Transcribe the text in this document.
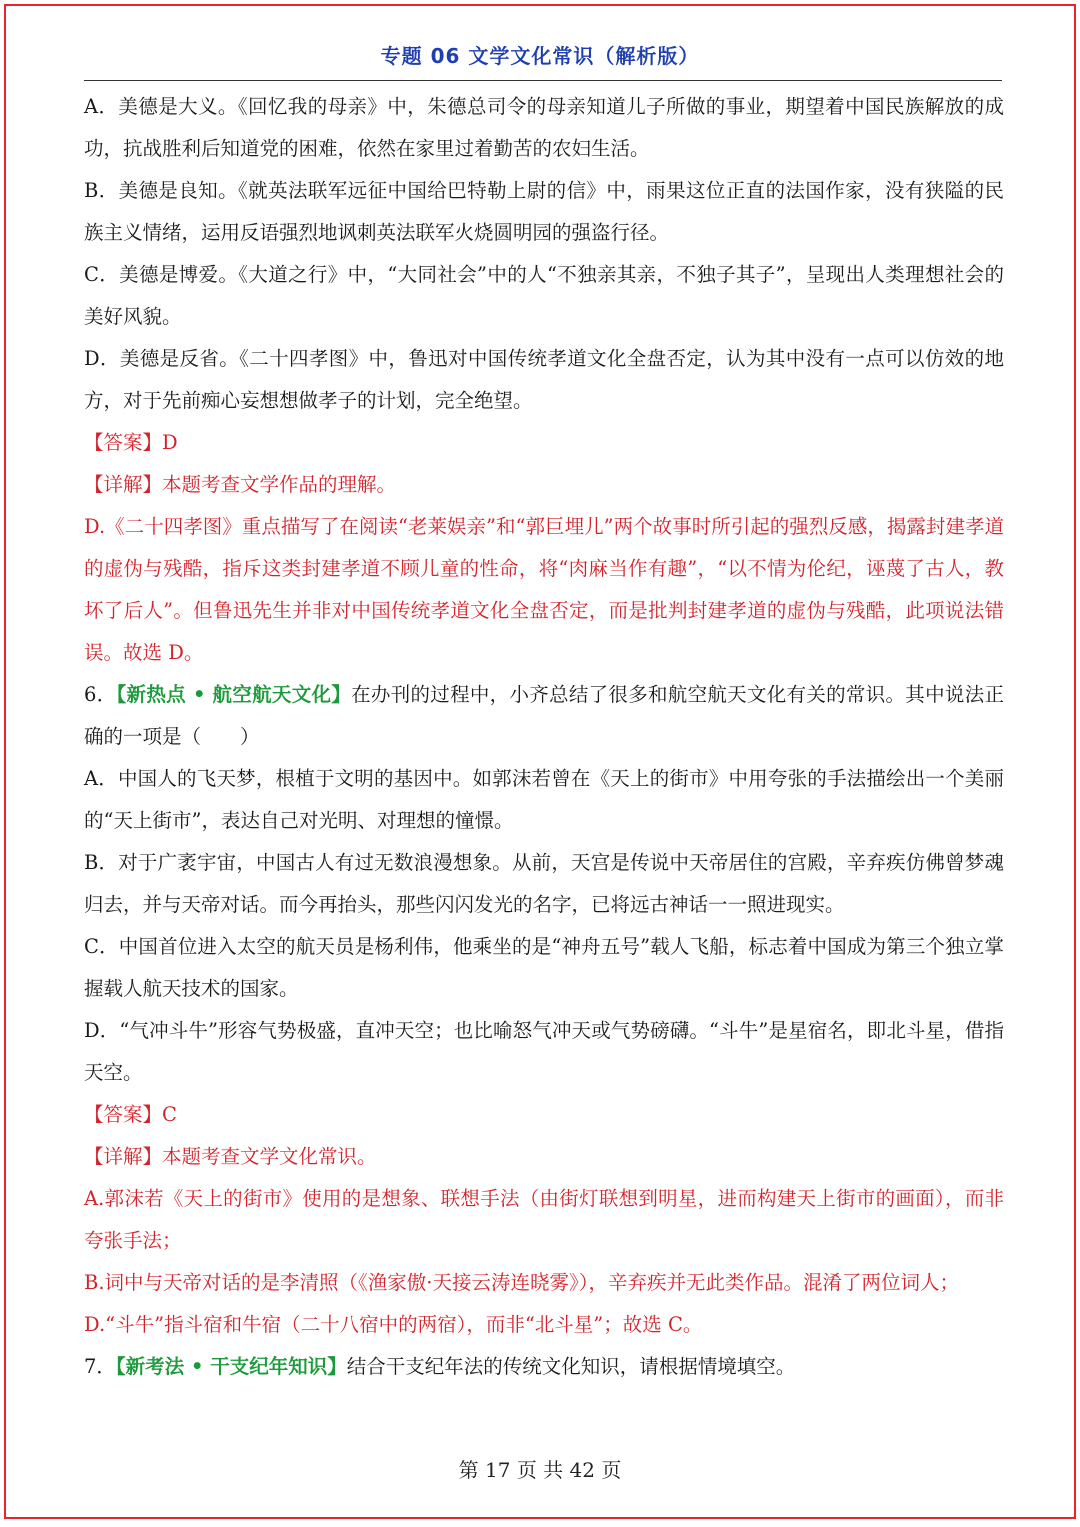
专题 06 文学文化常识（解析版）

A．美德是大义。《回忆我的母亲》中，朱德总司令的母亲知道儿子所做的事业，期望着中国民族解放的成功，抗战胜利后知道党的困难，依然在家里过着勤苦的农妇生活。

B．美德是良知。《就英法联军远征中国给巴特勒上尉的信》中，雨果这位正直的法国作家，没有狭隘的民族主义情绪，运用反语强烈地讽刺英法联军火烧圆明园的强盗行径。

C．美德是博爱。《大道之行》中，“大同社会”中的人“不独亲其亲，不独子其子”，呈现出人类理想社会的美好风貌。

D．美德是反省。《二十四孝图》中，鲁迅对中国传统孝道文化全盘否定，认为其中没有一点可以仿效的地方，对于先前痴心妄想想做孝子的计划，完全绝望。

【答案】D

【详解】本题考查文学作品的理解。

D.《二十四孝图》重点描写了在阅读“老莱娱亲”和“郭巨埋儿”两个故事时所引起的强烈反感，揭露封建孝道的虚伪与残酷，指斥这类封建孝道不顾儿童的性命，将“肉麻当作有趣”，“以不情为伦纪，诬蔑了古人，教坏了后人”。但鲁迅先生并非对中国传统孝道文化全盘否定，而是批判封建孝道的虚伪与残酷，此项说法错误。故选 D。

6．【新热点 • 航空航天文化】在办刊的过程中，小齐总结了很多和航空航天文化有关的常识。其中说法正确的一项是（　　）

A．中国人的飞天梦，根植于文明的基因中。如郭沫若曾在《天上的街市》中用夸张的手法描绘出一个美丽的“天上街市”，表达自己对光明、对理想的憧憬。

B．对于广袤宇宙，中国古人有过无数浪漫想象。从前，天宫是传说中天帝居住的宫殿，辛弃疾仿佛曾梦魂归去，并与天帝对话。而今再抬头，那些闪闪发光的名字，已将远古神话一一照进现实。

C．中国首位进入太空的航天员是杨利伟，他乘坐的是“神舟五号”载人飞船，标志着中国成为第三个独立掌握载人航天技术的国家。

D．“气冲斗牛”形容气势极盛，直冲天空；也比喻怒气冲天或气势磅礴。“斗牛”是星宿名，即北斗星，借指天空。

【答案】C

【详解】本题考查文学文化常识。

A.郭沫若《天上的街市》使用的是想象、联想手法（由街灯联想到明星，进而构建天上街市的画面），而非夸张手法；

B.词中与天帝对话的是李清照（《渔家傲·天接云涛连晓雾》），辛弃疾并无此类作品。混淆了两位词人；

D.“斗牛”指斗宿和牛宿（二十八宿中的两宿），而非“北斗星”；故选 C。

7．【新考法 • 干支纪年知识】结合干支纪年法的传统文化知识，请根据情境填空。

第 17 页 共 42 页
